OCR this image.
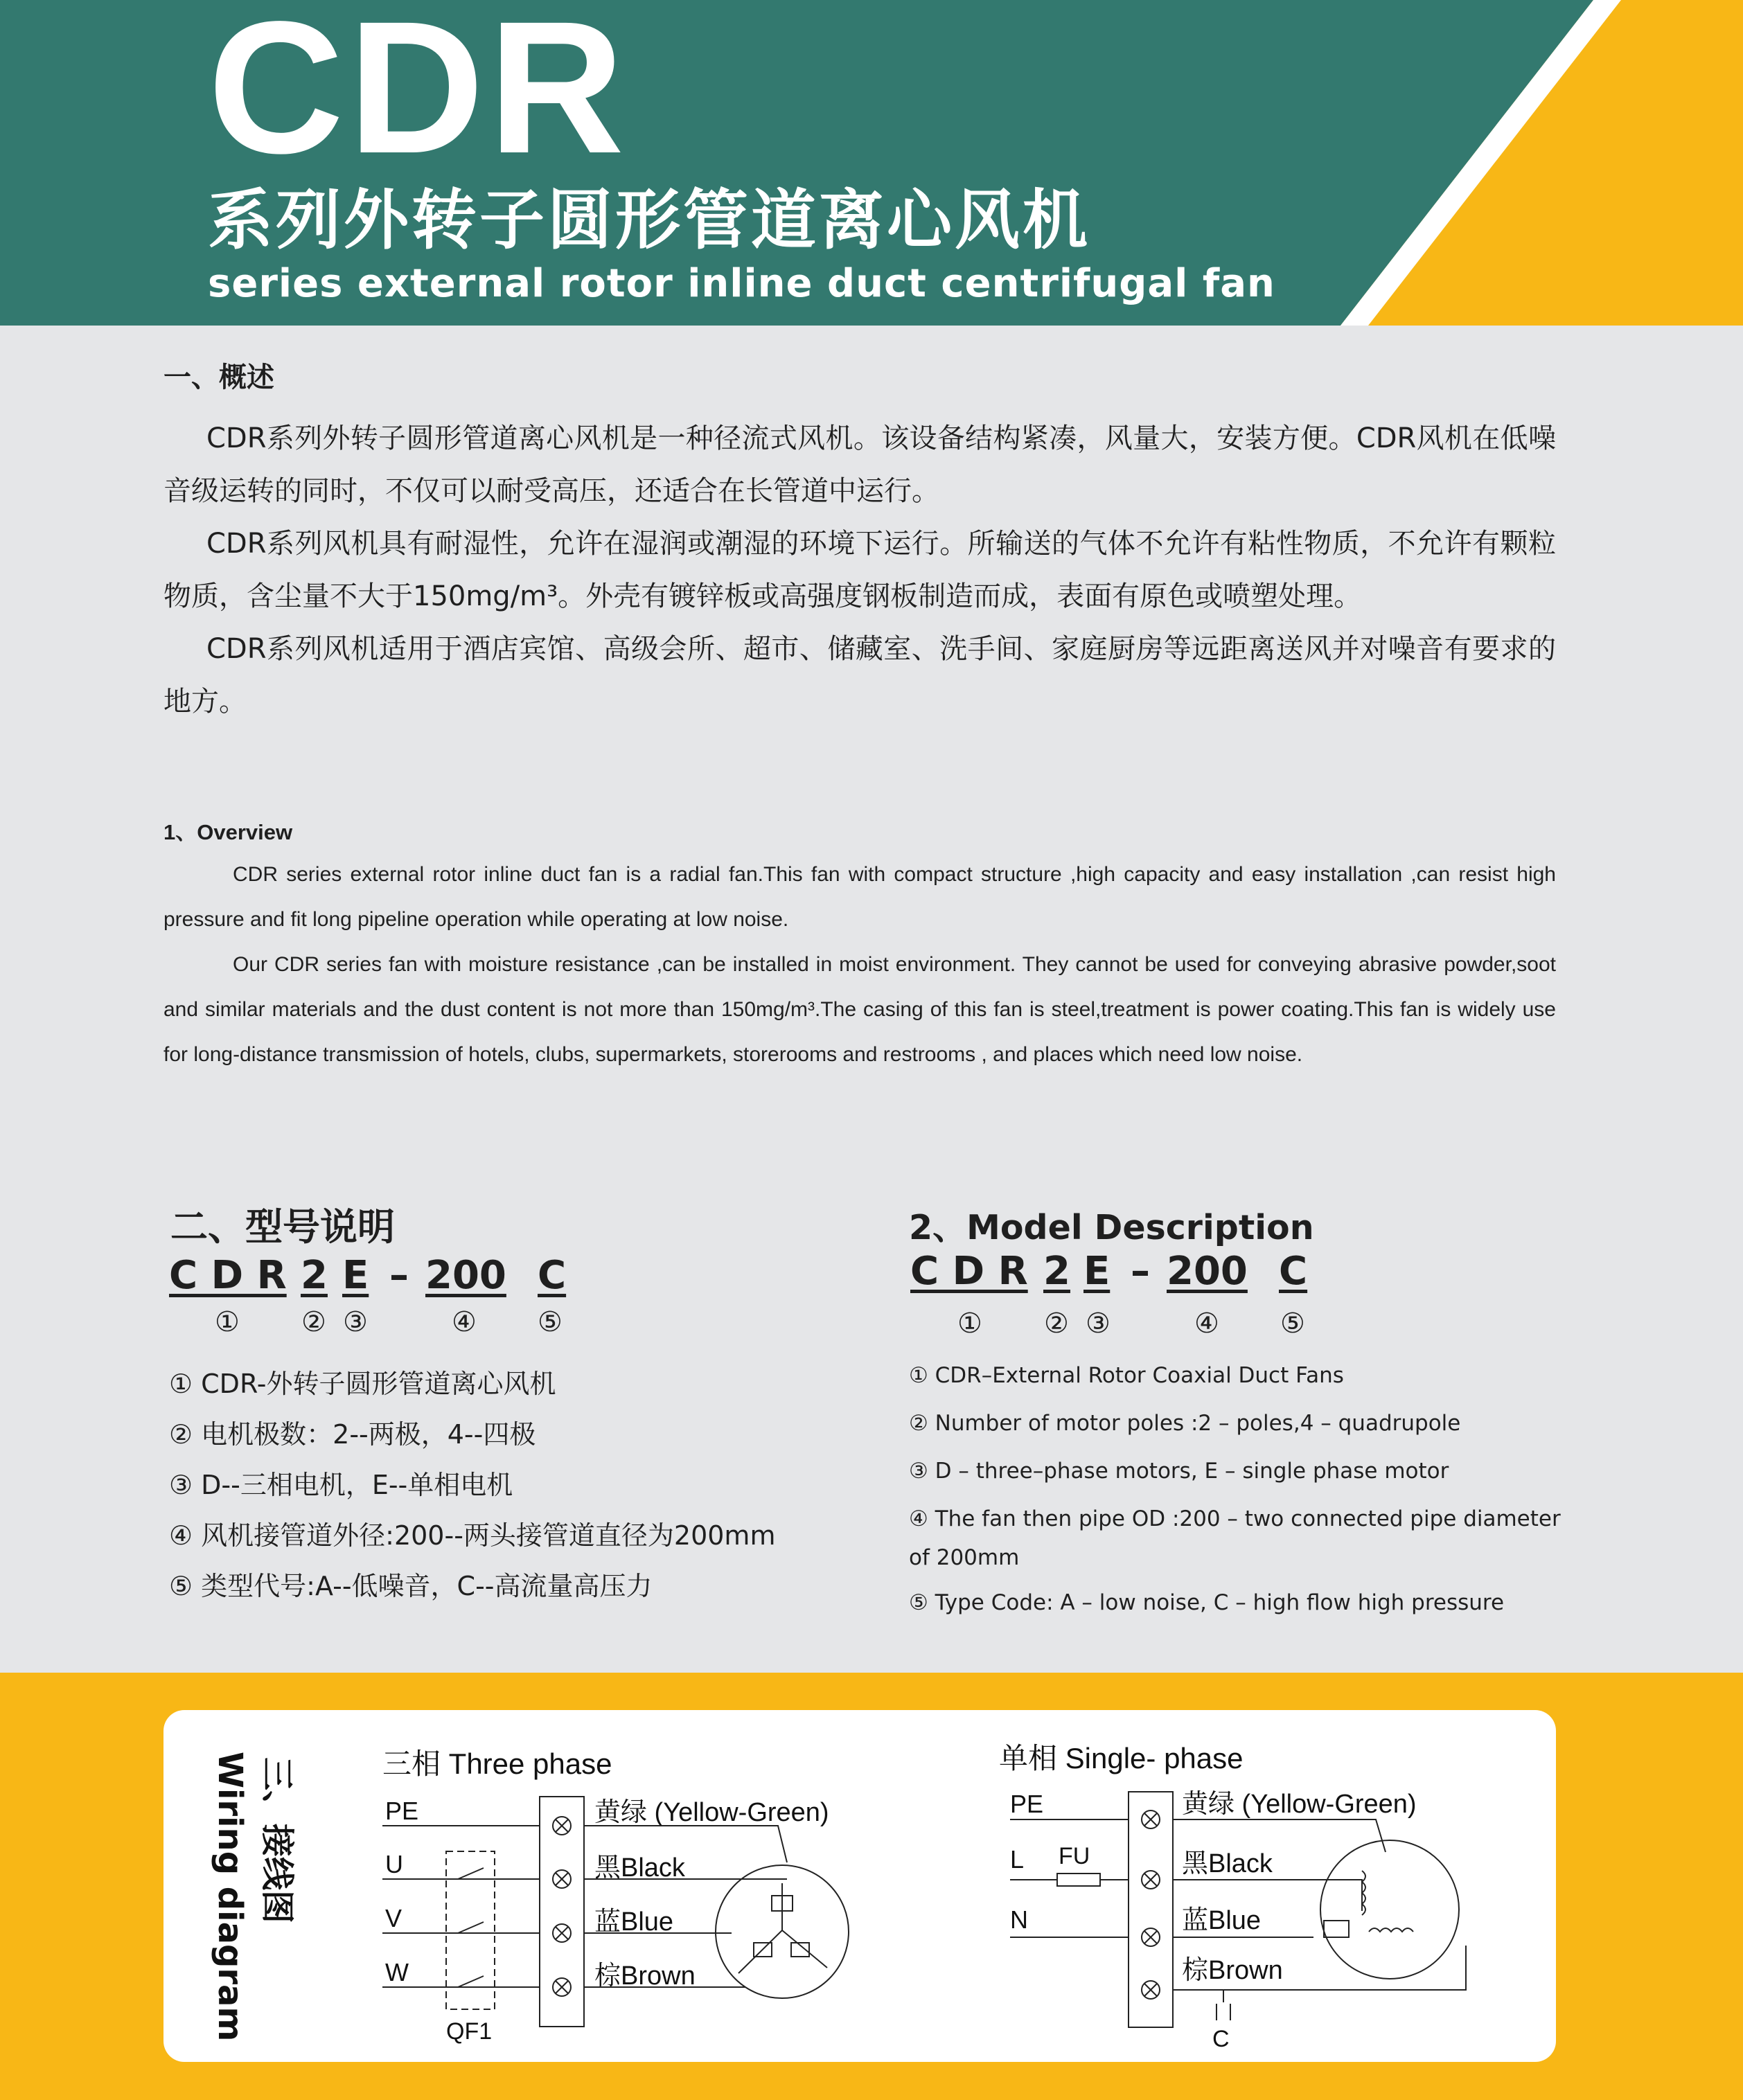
CDR
系列外转子圆形管道离心风机
series external rotor inline duct centrifugal fan
一、概述

CDR系列外转子圆形管道离心风机是一种径流式风机。该设备结构紧凑，风量大，安装方便。CDR风机在低噪音级运转的同时，不仅可以耐受高压，还适合在长管道中运行。

CDR系列风机具有耐湿性，允许在湿润或潮湿的环境下运行。所输送的气体不允许有粘性物质，不允许有颗粒物质，含尘量不大于150mg/m³。外壳有镀锌板或高强度钢板制造而成，表面有原色或喷塑处理。

CDR系列风机适用于酒店宾馆、高级会所、超市、储藏室、洗手间、家庭厨房等远距离送风并对噪音有要求的地方。

1、Overview

CDR series external rotor inline duct fan is a radial fan.This fan with compact structure ,high capacity and easy installation ,can resist high pressure and fit long pipeline operation while operating at low noise.

Our CDR series fan with moisture resistance ,can be installed in moist environment. They cannot be used for conveying abrasive powder,soot and similar materials and the dust content is not more than 150mg/m³.The casing of this fan is steel,treatment is power coating.This fan is widely use for long-distance transmission of hotels, clubs, supermarkets, storerooms and restrooms , and places which need low noise.

二、型号说明	2、Model Description
C D R 2 E – 200 C
① ② ③	④ ⑤
C D R 2 E – 200 C
① ② ③	④ ⑤
① CDR-外转子圆形管道离心风机
② 电机极数：2--两极，4--四极
③ D--三相电机，E--单相电机
④ 风机接管道外径:200--两头接管道直径为200mm
⑤ 类型代号:A--低噪音，C--高流量高压力
① CDR–External Rotor Coaxial Duct Fans
② Number of motor poles :2 – poles,4 – quadrupole
③ D – three–phase motors, E – single phase motor
④ The fan then pipe OD :200 – two connected pipe diameter of 200mm
⑤ Type Code: A – low noise, C – high flow high pressure
三、接线图
Wiring diagram	三相 Three phase
PE
U
V
W
QF1
黄绿 (Yellow-Green)
黑Black
蓝Blue
棕Brown
单相 Single- phase
PE
L
N
FU
黄绿 (Yellow-Green)
黑Black
蓝Blue
棕Brown
C
